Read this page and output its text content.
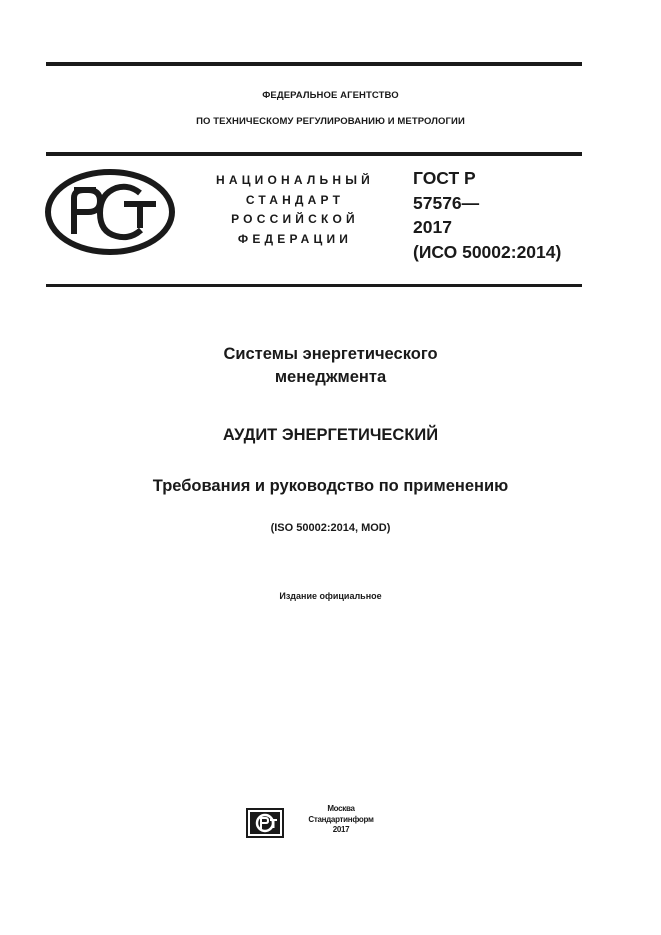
ФЕДЕРАЛЬНОЕ АГЕНТСТВО
ПО ТЕХНИЧЕСКОМУ РЕГУЛИРОВАНИЮ И МЕТРОЛОГИИ
НАЦИОНАЛЬНЫЙ
СТАНДАРТ
РОССИЙСКОЙ
ФЕДЕРАЦИИ
ГОСТ Р
57576—
2017
(ИСО 50002:2014)
Системы энергетического
менеджмента
АУДИТ ЭНЕРГЕТИЧЕСКИЙ
Требования и руководство по применению
(ISO 50002:2014, MOD)
Издание официальное
Москва
Стандартинформ
2017
